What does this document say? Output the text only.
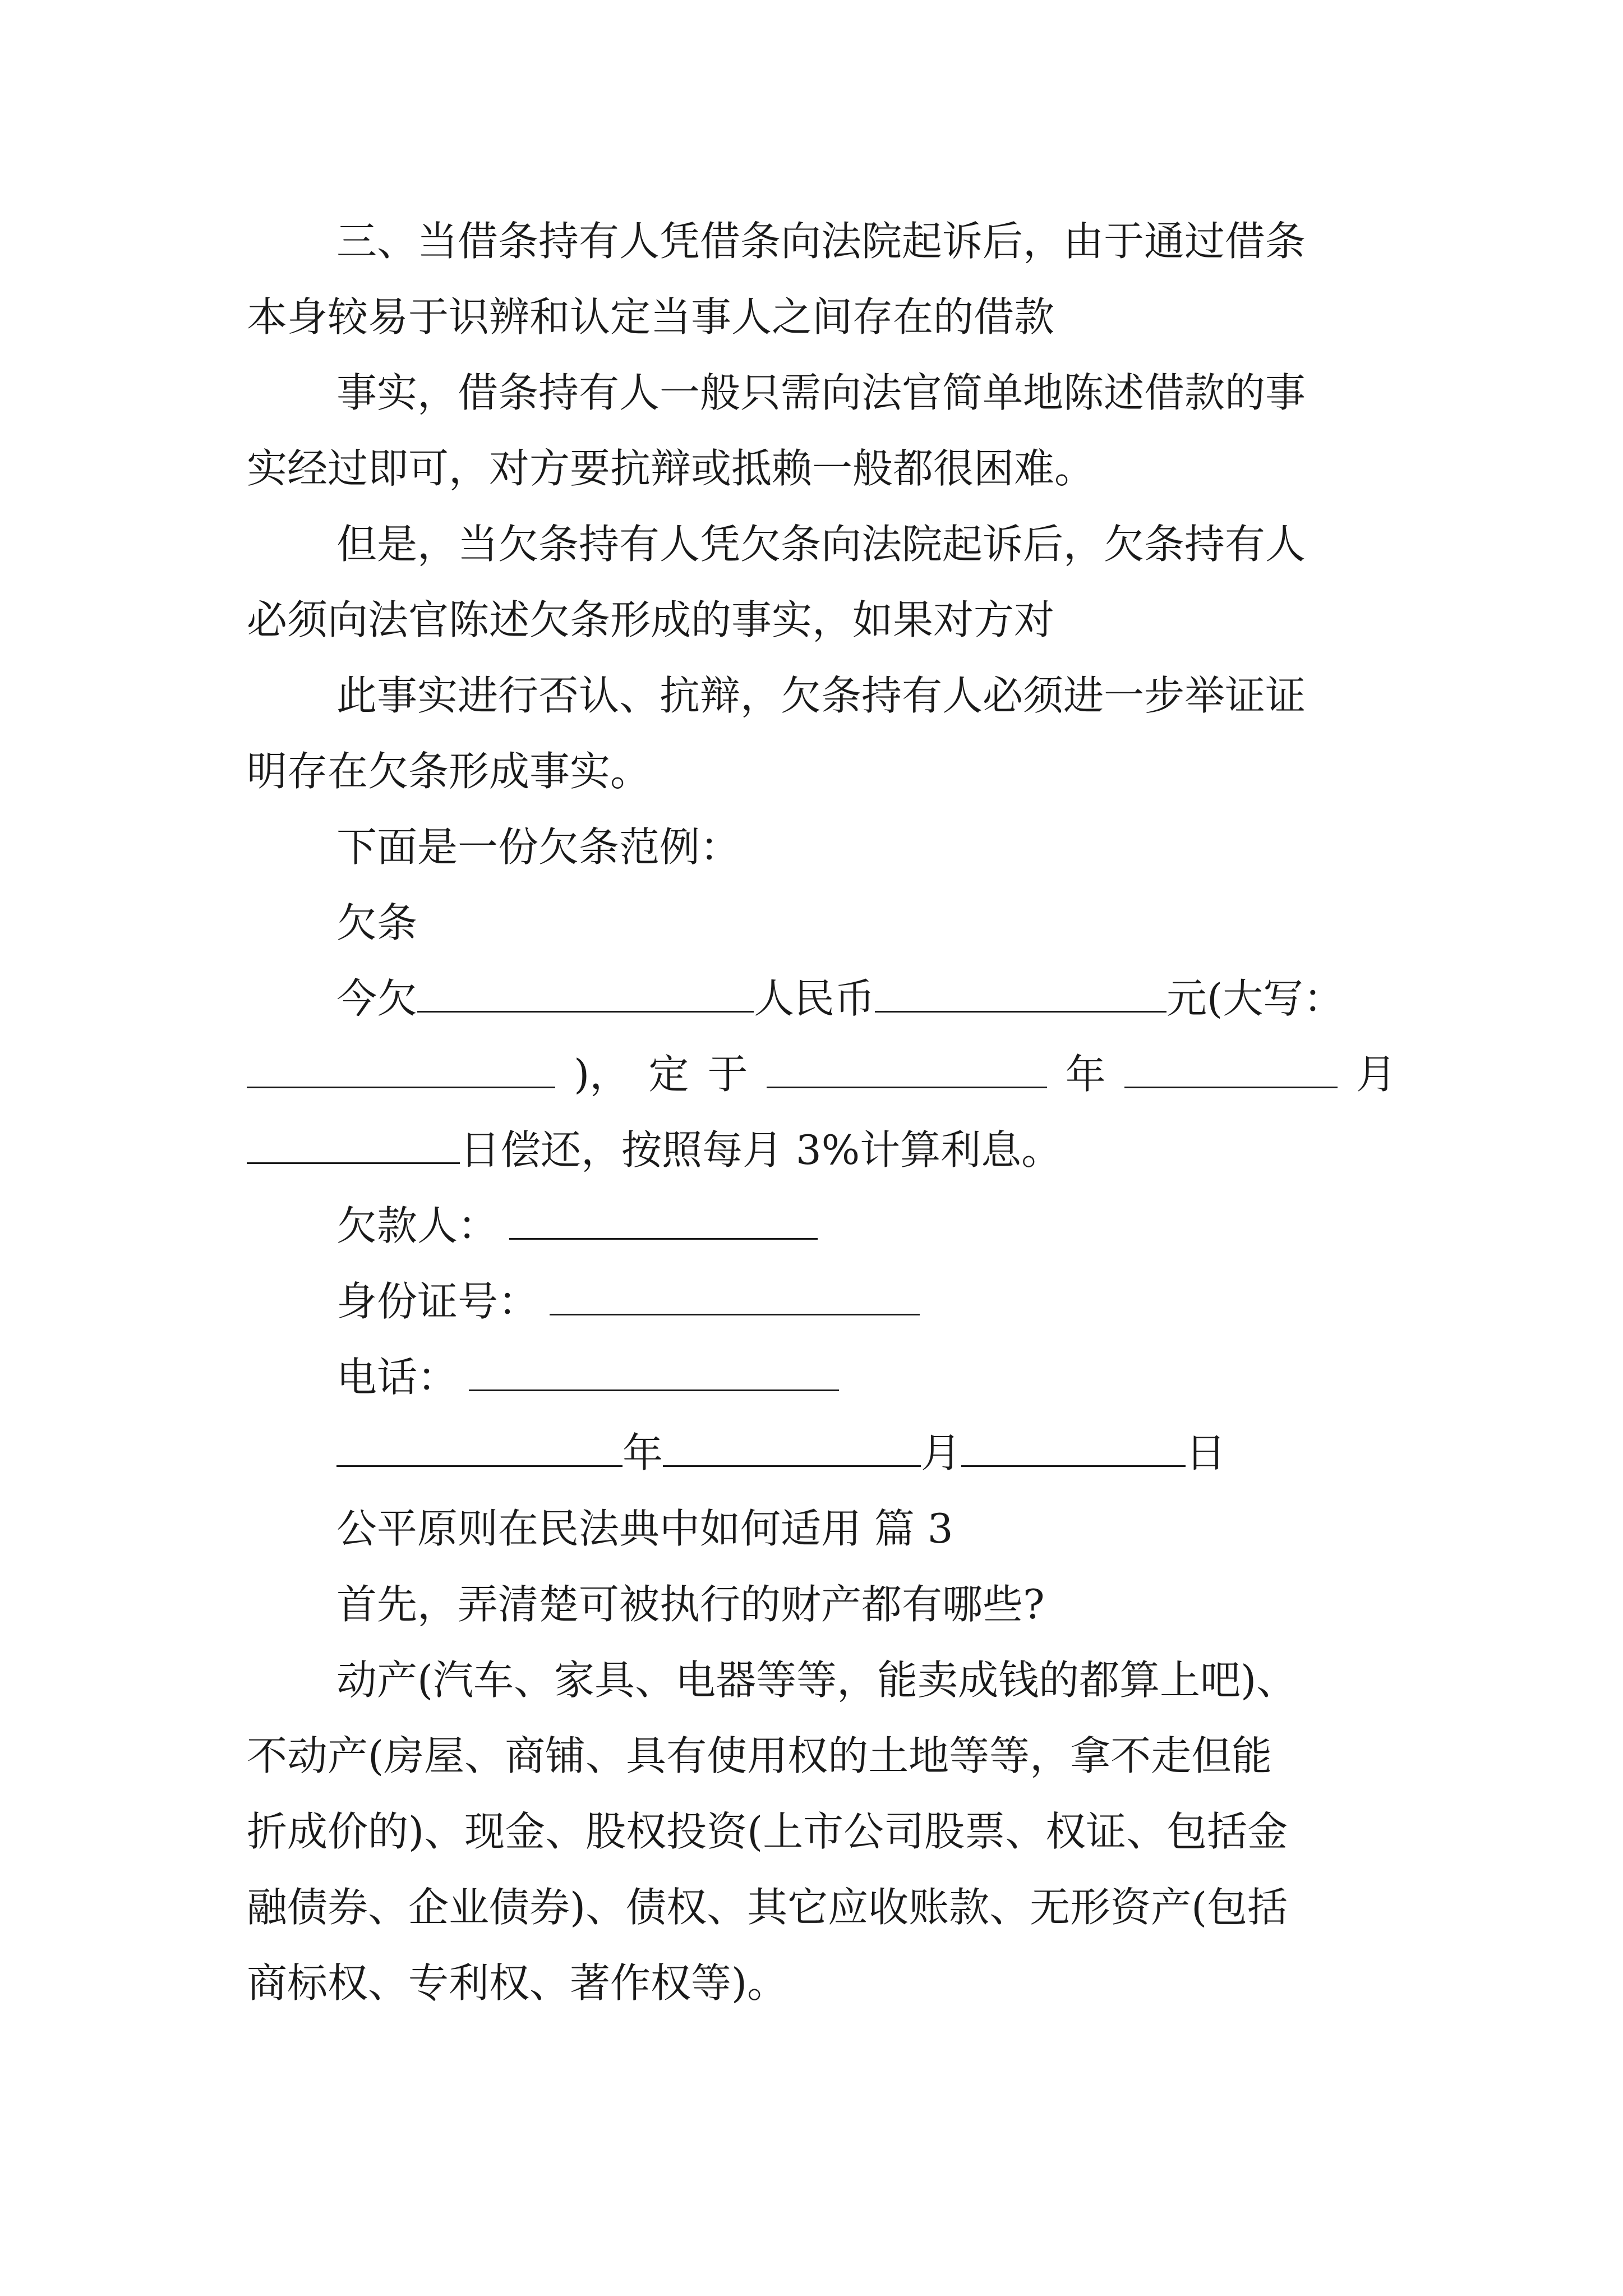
三、当借条持有人凭借条向法院起诉后，由于通过借条
本身较易于识辨和认定当事人之间存在的借款
事实，借条持有人一般只需向法官简单地陈述借款的事
实经过即可，对方要抗辩或抵赖一般都很困难。
但是，当欠条持有人凭欠条向法院起诉后，欠条持有人
必须向法官陈述欠条形成的事实，如果对方对
此事实进行否认、抗辩，欠条持有人必须进一步举证证
明存在欠条形成事实。
下面是一份欠条范例：
欠条
今欠	人民币	元(大写：
)， 定 于	年	月
日偿还，按照每月 3%计算利息。
欠款人：
身份证号：
电话：
年	月	日
公平原则在民法典中如何适用 篇 3
首先，弄清楚可被执行的财产都有哪些?
动产(汽车、家具、电器等等，能卖成钱的都算上吧)、
不动产(房屋、商铺、具有使用权的土地等等，拿不走但能
折成价的)、现金、股权投资(上市公司股票、权证、包括金
融债券、企业债券)、债权、其它应收账款、无形资产(包括
商标权、专利权、著作权等)。
